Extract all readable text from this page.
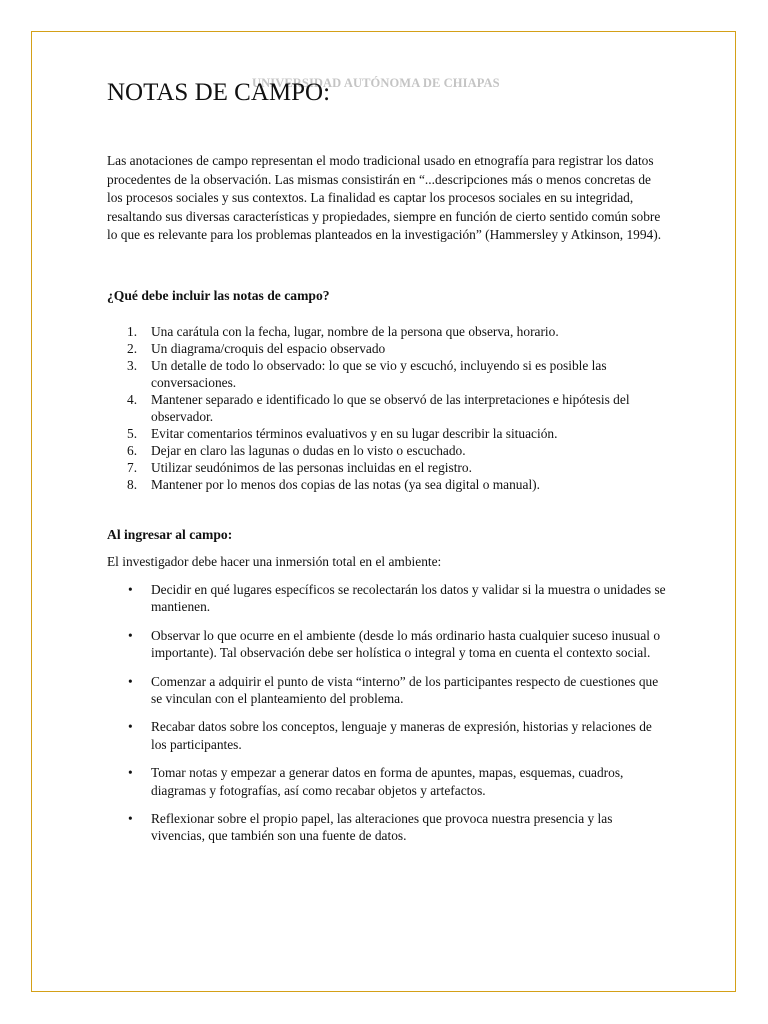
UNIVERSIDAD AUTÓNOMA DE CHIAPAS
NOTAS DE CAMPO:

Las anotaciones de campo representan el modo tradicional usado en etnografía para registrar los datos procedentes de la observación. Las mismas consistirán en “...descripciones más o menos concretas de los procesos sociales y sus contextos. La finalidad es captar los procesos sociales en su integridad, resaltando sus diversas características y propiedades, siempre en función de cierto sentido común sobre lo que es relevante para los problemas planteados en la investigación” (Hammersley y Atkinson, 1994).

¿Qué debe incluir las notas de campo?
1. Una carátula con la fecha, lugar, nombre de la persona que observa, horario.
2. Un diagrama/croquis del espacio observado
3. Un detalle de todo lo observado: lo que se vio y escuchó, incluyendo si es posible las conversaciones.
4. Mantener separado e identificado lo que se observó de las interpretaciones e hipótesis del observador.
5. Evitar comentarios términos evaluativos y en su lugar describir la situación.
6. Dejar en claro las lagunas o dudas en lo visto o escuchado.
7. Utilizar seudónimos de las personas incluidas en el registro.
8. Mantener por lo menos dos copias de las notas (ya sea digital o manual).
Al ingresar al campo:

El investigador debe hacer una inmersión total en el ambiente:

• Decidir en qué lugares específicos se recolectarán los datos y validar si la muestra o unidades se mantienen.
• Observar lo que ocurre en el ambiente (desde lo más ordinario hasta cualquier suceso inusual o importante). Tal observación debe ser holística o integral y toma en cuenta el contexto social.
• Comenzar a adquirir el punto de vista “interno” de los participantes respecto de cuestiones que se vinculan con el planteamiento del problema.
• Recabar datos sobre los conceptos, lenguaje y maneras de expresión, historias y relaciones de los participantes.
• Tomar notas y empezar a generar datos en forma de apuntes, mapas, esquemas, cuadros, diagramas y fotografías, así como recabar objetos y artefactos.
• Reflexionar sobre el propio papel, las alteraciones que provoca nuestra presencia y las vivencias, que también son una fuente de datos.
